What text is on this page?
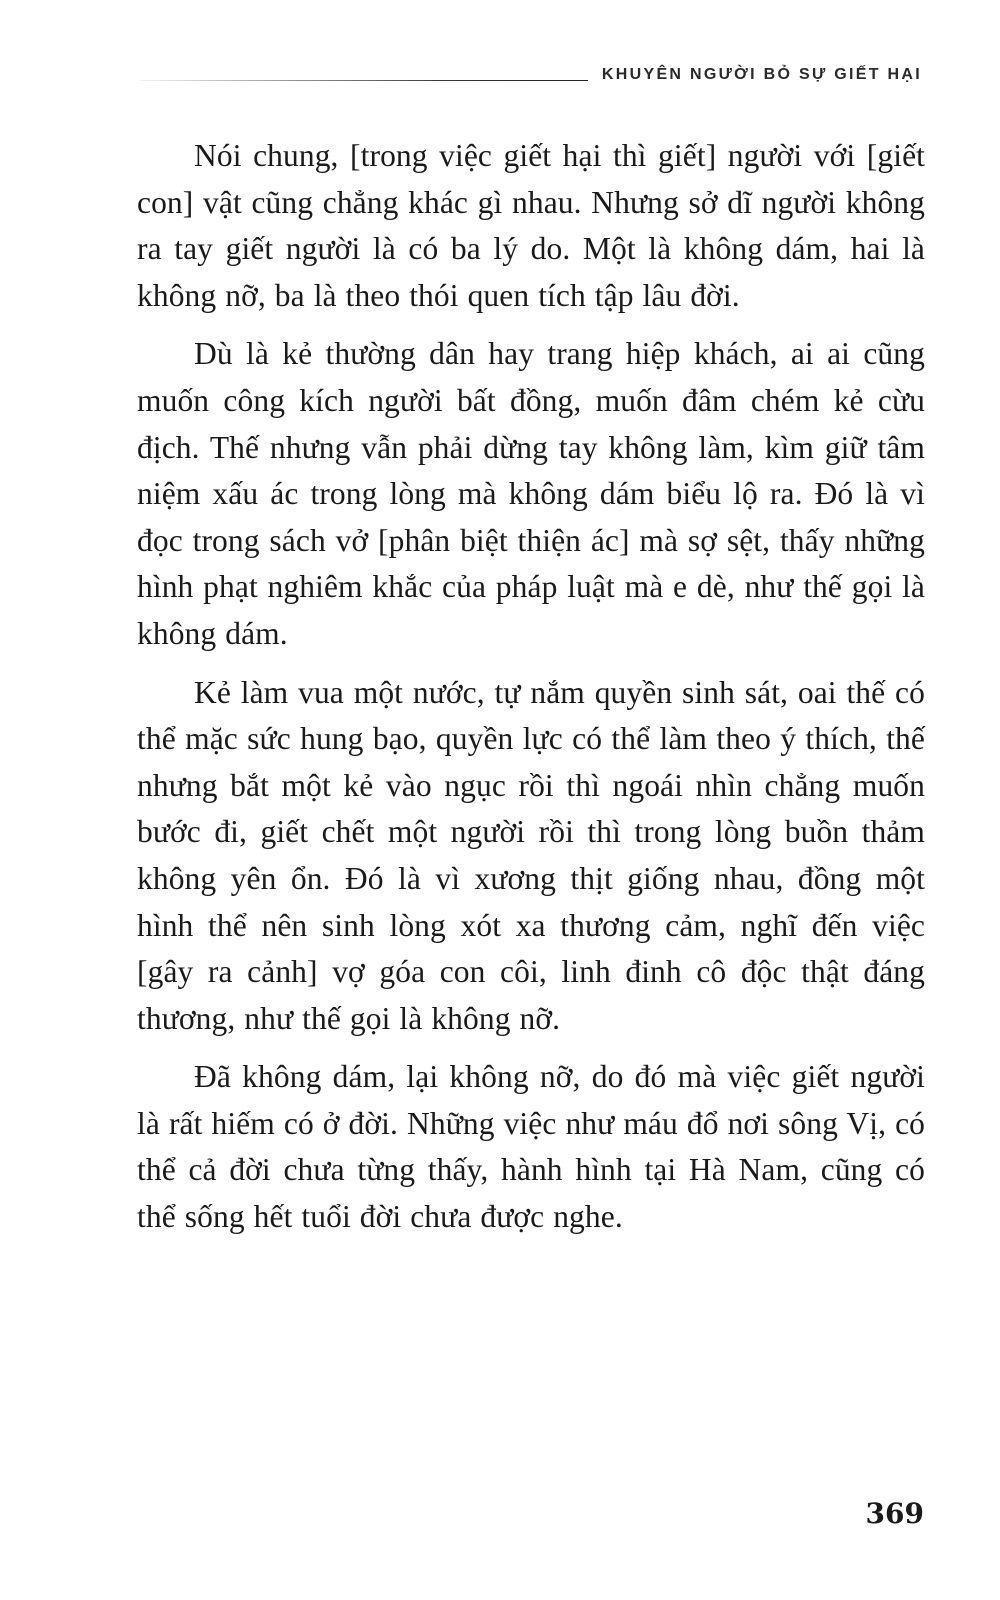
KHUYÊN NGƯỜI BỎ SỰ GIẾT HẠI

Nói chung, [trong việc giết hại thì giết] người với [giết con] vật cũng chẳng khác gì nhau. Nhưng sở dĩ người không ra tay giết người là có ba lý do. Một là không dám, hai là không nỡ, ba là theo thói quen tích tập lâu đời.

Dù là kẻ thường dân hay trang hiệp khách, ai ai cũng muốn công kích người bất đồng, muốn đâm chém kẻ cừu địch. Thế nhưng vẫn phải dừng tay không làm, kìm giữ tâm niệm xấu ác trong lòng mà không dám biểu lộ ra. Đó là vì đọc trong sách vở [phân biệt thiện ác] mà sợ sệt, thấy những hình phạt nghiêm khắc của pháp luật mà e dè, như thế gọi là không dám.

Kẻ làm vua một nước, tự nắm quyền sinh sát, oai thế có thể mặc sức hung bạo, quyền lực có thể làm theo ý thích, thế nhưng bắt một kẻ vào ngục rồi thì ngoái nhìn chẳng muốn bước đi, giết chết một người rồi thì trong lòng buồn thảm không yên ổn. Đó là vì xương thịt giống nhau, đồng một hình thể nên sinh lòng xót xa thương cảm, nghĩ đến việc [gây ra cảnh] vợ góa con côi, linh đinh cô độc thật đáng thương, như thế gọi là không nỡ.

Đã không dám, lại không nỡ, do đó mà việc giết người là rất hiếm có ở đời. Những việc như máu đổ nơi sông Vị, có thể cả đời chưa từng thấy, hành hình tại Hà Nam, cũng có thể sống hết tuổi đời chưa được nghe.

369
